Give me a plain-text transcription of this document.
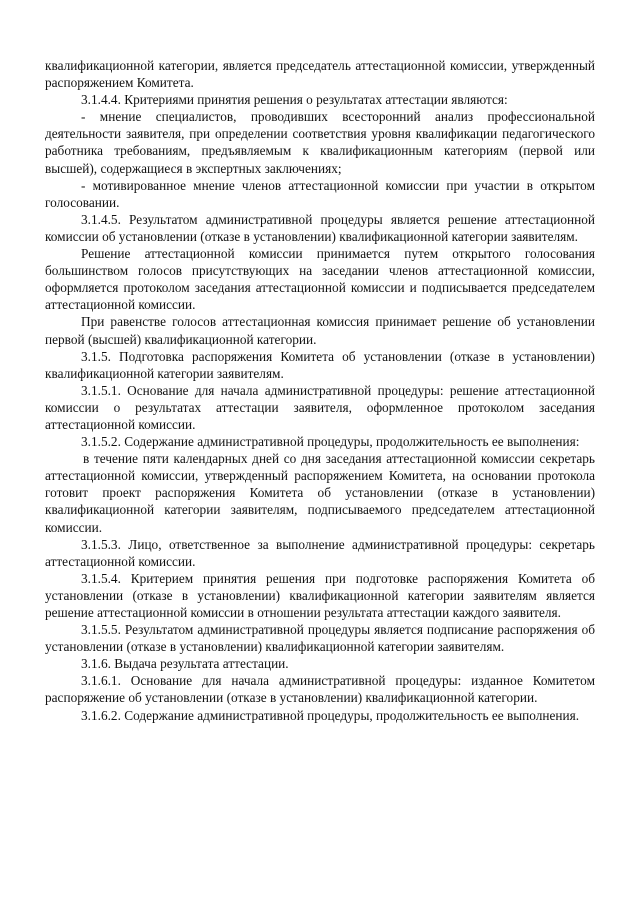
квалификационной категории, является председатель аттестационной комиссии, утвержденный распоряжением Комитета.

3.1.4.4. Критериями принятия решения о результатах аттестации являются:

- мнение специалистов, проводивших всесторонний анализ профессиональной деятельности заявителя, при определении соответствия уровня квалификации педагогического работника требованиям, предъявляемым к квалификационным категориям (первой или высшей), содержащиеся в экспертных заключениях;

- мотивированное мнение членов аттестационной комиссии при участии в открытом голосовании.

3.1.4.5. Результатом административной процедуры является решение аттестационной комиссии об установлении (отказе в установлении) квалификационной категории заявителям.

Решение аттестационной комиссии принимается путем открытого голосования большинством голосов присутствующих на заседании членов аттестационной комиссии, оформляется протоколом заседания аттестационной комиссии и подписывается председателем аттестационной комиссии.

При равенстве голосов аттестационная комиссия принимает решение об установлении первой (высшей) квалификационной категории.

3.1.5. Подготовка распоряжения Комитета об установлении (отказе в установлении) квалификационной категории заявителям.

3.1.5.1. Основание для начала административной процедуры: решение аттестационной комиссии о результатах аттестации заявителя, оформленное протоколом заседания аттестационной комиссии.

3.1.5.2. Содержание административной процедуры, продолжительность ее выполнения:

в течение пяти календарных дней со дня заседания аттестационной комиссии секретарь аттестационной комиссии, утвержденный распоряжением Комитета, на основании протокола готовит проект распоряжения Комитета об установлении (отказе в установлении) квалификационной категории заявителям, подписываемого председателем аттестационной комиссии.

3.1.5.3. Лицо, ответственное за выполнение административной процедуры: секретарь аттестационной комиссии.

3.1.5.4. Критерием принятия решения при подготовке распоряжения Комитета об установлении (отказе в установлении) квалификационной категории заявителям является решение аттестационной комиссии в отношении результата аттестации каждого заявителя.

3.1.5.5. Результатом административной процедуры является подписание распоряжения об установлении (отказе в установлении) квалификационной категории заявителям.

3.1.6. Выдача результата аттестации.

3.1.6.1. Основание для начала административной процедуры: изданное Комитетом распоряжение об установлении (отказе в установлении) квалификационной категории.

3.1.6.2. Содержание административной процедуры, продолжительность ее выполнения.
